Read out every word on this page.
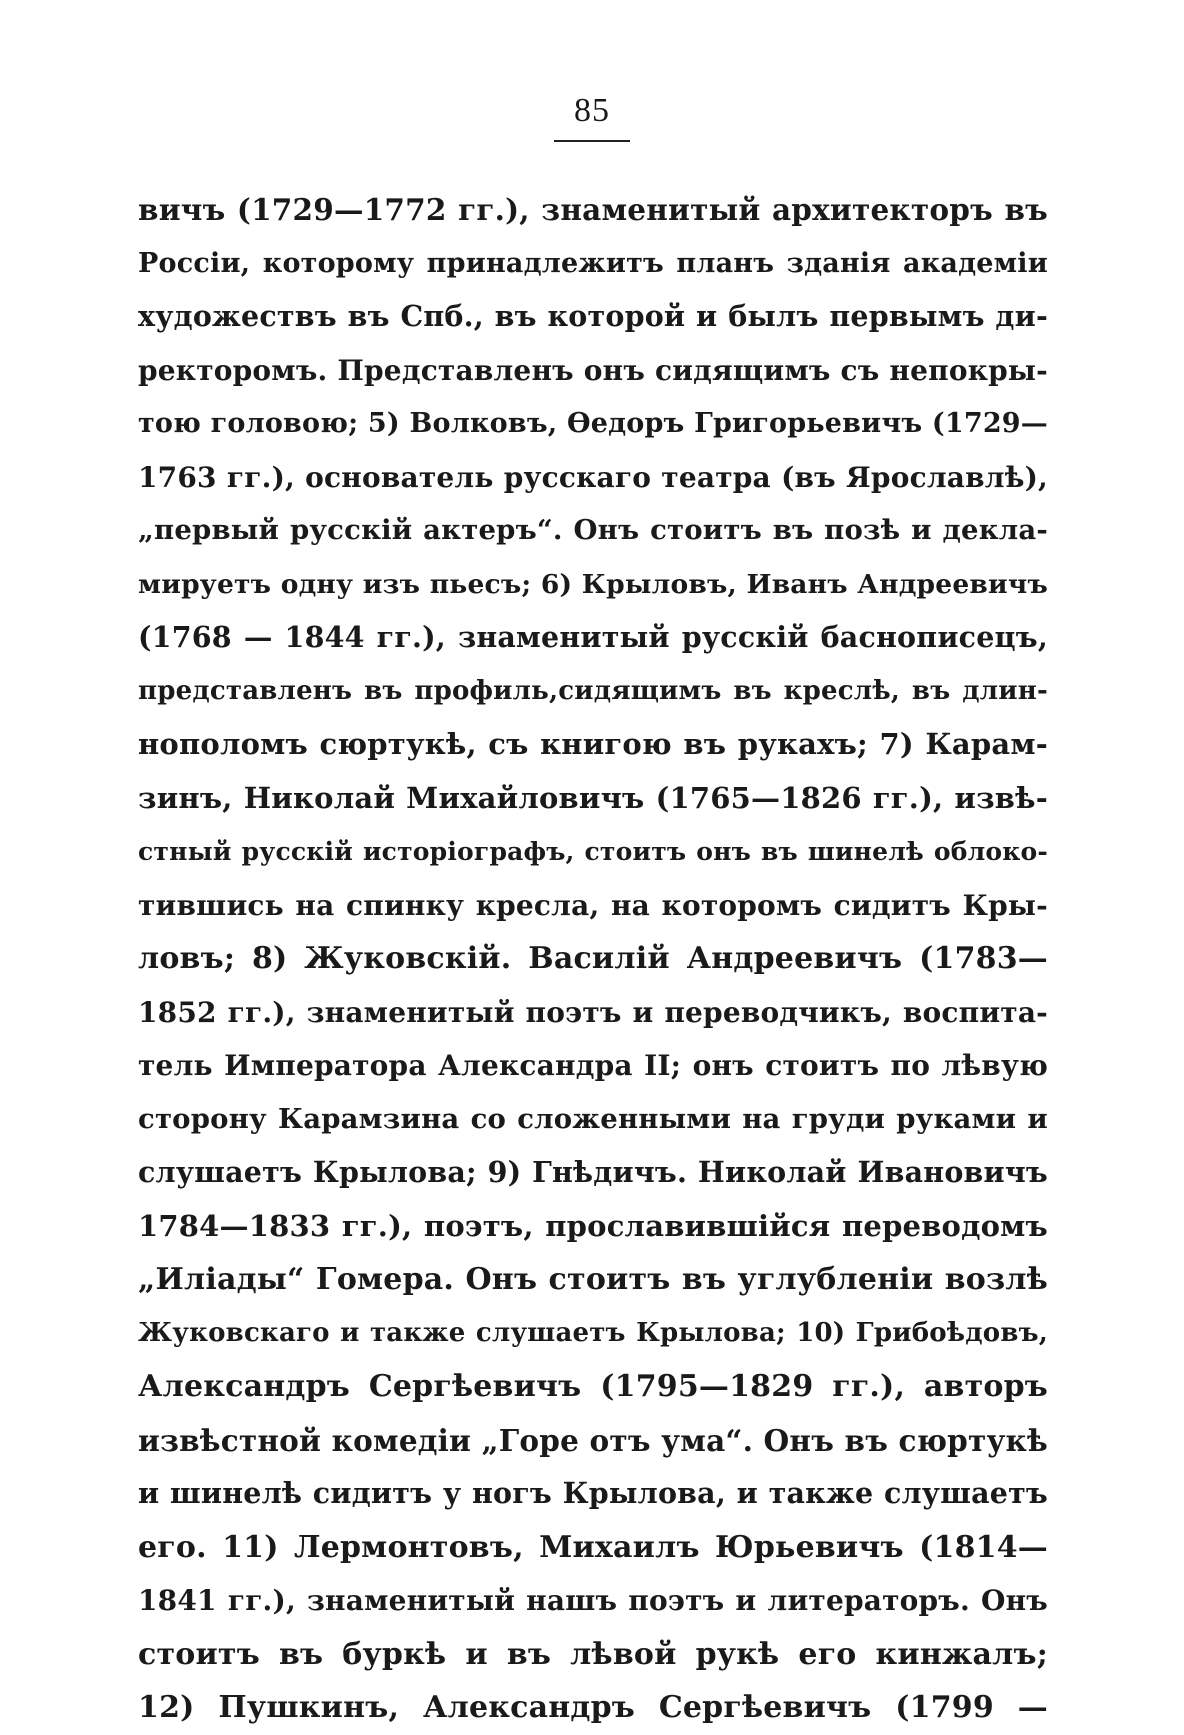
85
вичъ (1729—1772 гг.), знаменитый архитекторъ въ
Россіи, которому принадлежитъ планъ зданія академіи
художествъ въ Спб., въ которой и былъ первымъ ди-
ректоромъ. Представленъ онъ сидящимъ съ непокры-
тою головою; 5) Волковъ, Өедоръ Григорьевичъ (1729—
1763 гг.), основатель русскаго театра (въ Ярославлѣ),
„первый русскій актеръ“. Онъ стоитъ въ позѣ и декла-
мируетъ одну изъ пьесъ; 6) Крыловъ, Иванъ Андреевичъ
(1768 — 1844 гг.), знаменитый русскій баснописецъ,
представленъ въ профиль,сидящимъ въ креслѣ, въ длин-
нополомъ сюртукѣ, съ книгою въ рукахъ; 7) Карам-
зинъ, Николай Михайловичъ (1765—1826 гг.), извѣ-
стный русскій исторіографъ, стоитъ онъ въ шинелѣ облоко-
тившись на спинку кресла, на которомъ сидитъ Кры-
ловъ; 8) Жуковскій. Василій Андреевичъ (1783—
1852 гг.), знаменитый поэтъ и переводчикъ, воспита-
тель Императора Александра II; онъ стоитъ по лѣвую
сторону Карамзина со сложенными на груди руками и
слушаетъ Крылова; 9) Гнѣдичъ. Николай Ивановичъ
1784—1833 гг.), поэтъ, прославившійся переводомъ
„Иліады“ Гомера. Онъ стоитъ въ углубленіи возлѣ
Жуковскаго и также слушаетъ Крылова; 10) Грибоѣдовъ,
Александръ Сергѣевичъ (1795—1829 гг.), авторъ
извѣстной комедіи „Горе отъ ума“. Онъ въ сюртукѣ
и шинелѣ сидитъ у ногъ Крылова, и также слушаетъ
его. 11) Лермонтовъ, Михаилъ Юрьевичъ (1814—
1841 гг.), знаменитый нашъ поэтъ и литераторъ. Онъ
стоитъ въ буркѣ и въ лѣвой рукѣ его кинжалъ;
12) Пушкинъ, Александръ Сергѣевичъ (1799 —
